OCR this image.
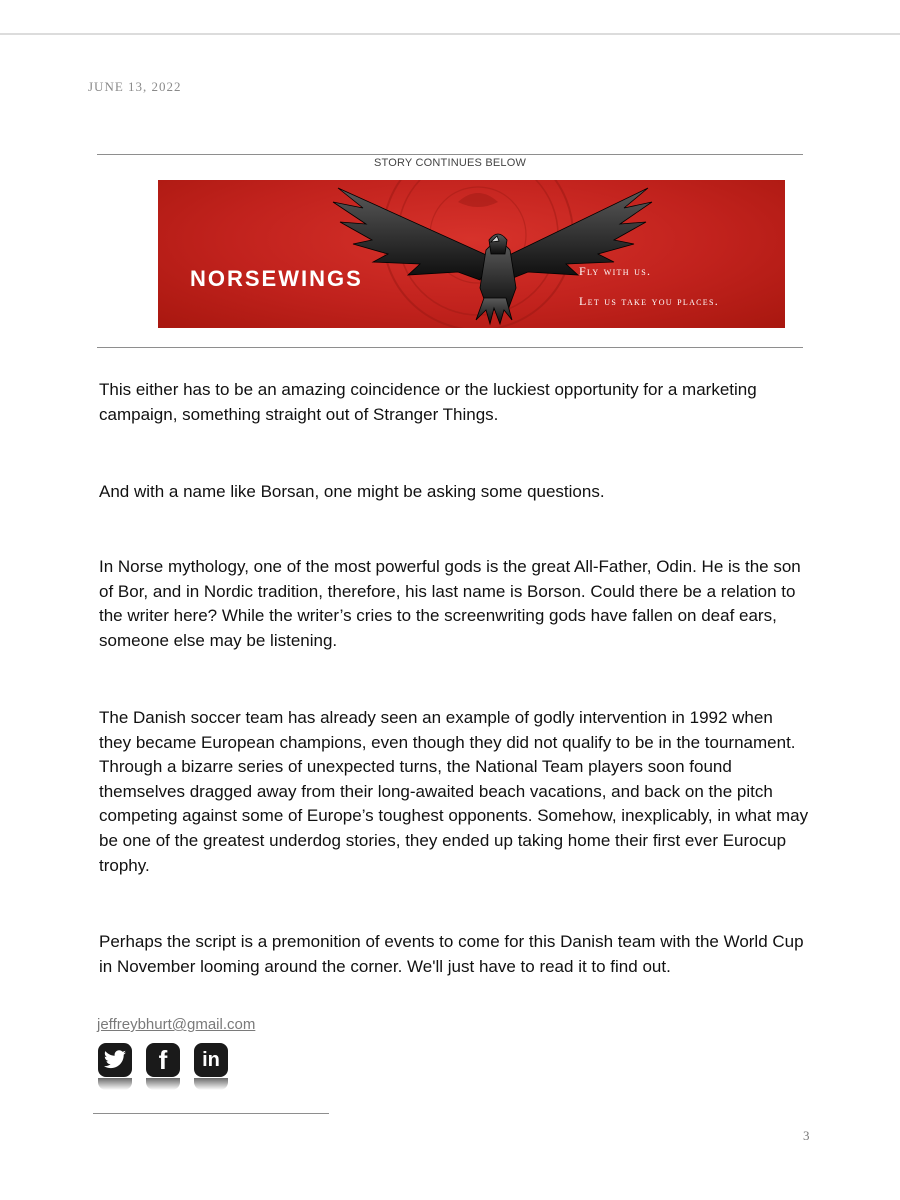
JUNE 13, 2022
STORY CONTINUES BELOW
NORSEWINGS	Fly with us.
Let us take you places.

This either has to be an amazing coincidence or the luckiest opportunity for a marketing campaign, something straight out of Stranger Things.

And with a name like Borsan, one might be asking some questions.

In Norse mythology, one of the most powerful gods is the great All-Father, Odin. He is the son of Bor, and in Nordic tradition, therefore, his last name is Borson. Could there be a relation to the writer here? While the writer’s cries to the screenwriting gods have fallen on deaf ears, someone else may be listening.

The Danish soccer team has already seen an example of godly intervention in 1992 when they became European champions, even though they did not qualify to be in the tournament. Through a bizarre series of unexpected turns, the National Team players soon found themselves dragged away from their long-awaited beach vacations, and back on the pitch competing against some of Europe’s toughest opponents. Somehow, inexplicably, in what may be one of the greatest underdog stories, they ended up taking home their first ever Eurocup trophy.

Perhaps the script is a premonition of events to come for this Danish team with the World Cup in November looming around the corner. We'll just have to read it to find out.

jeffreybhurt@gmail.com
f in
3
